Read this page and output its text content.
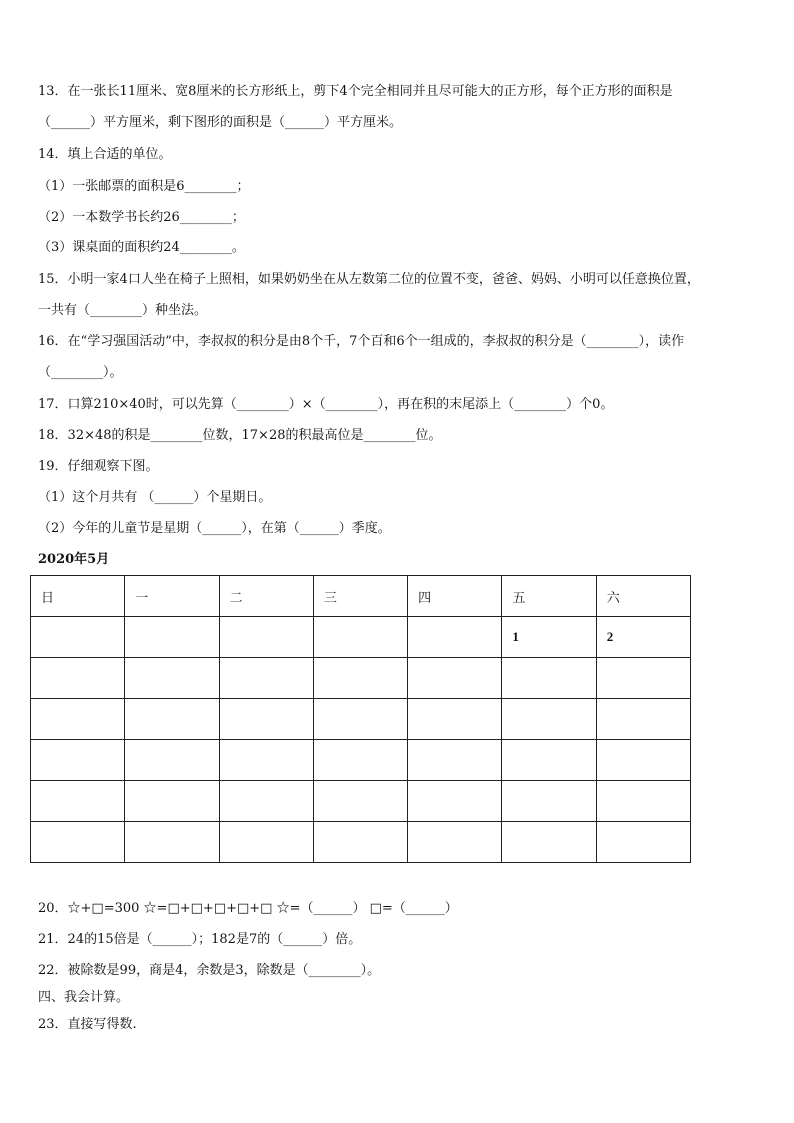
13．在一张长11厘米、宽8厘米的长方形纸上，剪下4个完全相同并且尽可能大的正方形，每个正方形的面积是
（______）平方厘米，剩下图形的面积是（______）平方厘米。
14．填上合适的单位。
（1）一张邮票的面积是6________；
（2）一本数学书长约26________；
（3）课桌面的面积约24________。
15．小明一家4口人坐在椅子上照相，如果奶奶坐在从左数第二位的位置不变，爸爸、妈妈、小明可以任意换位置，
一共有（________）种坐法。
16．在“学习强国活动”中，李叔叔的积分是由8个千，7个百和6个一组成的，李叔叔的积分是（________），读作
（________）。
17．口算210×40时，可以先算（________）×（________），再在积的末尾添上（________）个0。
18．32×48的积是________位数，17×28的积最高位是________位。
19．仔细观察下图。
（1）这个月共有 （______）个星期日。
（2）今年的儿童节是星期（______），在第（______）季度。
2020年5月
日	一	二	三	四	五	六
					1	2

20．☆+□=300 ☆=□+□+□+□+□ ☆=（______） □=（______）
21．24的15倍是（______）；182是7的（______）倍。
22．被除数是99，商是4，余数是3，除数是（________）。
四、我会计算。
23．直接写得数.
